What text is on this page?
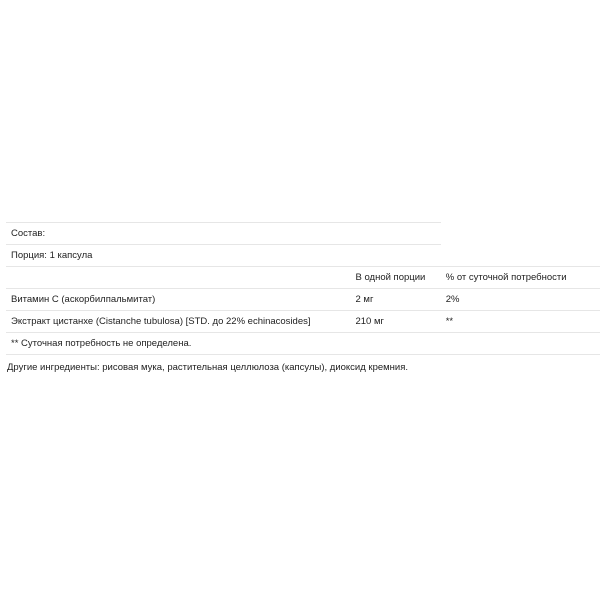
Состав:		
Порция: 1 капсула		
	В одной порции	% от суточной потребности
Витамин С (аскорбилпальмитат)	2 мг	2%
Экстракт цистанхе (Cistanche tubulosa) [STD. до 22% echinacosides]	210 мг	**
** Суточная потребность не определена.		
Другие ингредиенты: рисовая мука, растительная целлюлоза (капсулы), диоксид кремния.
